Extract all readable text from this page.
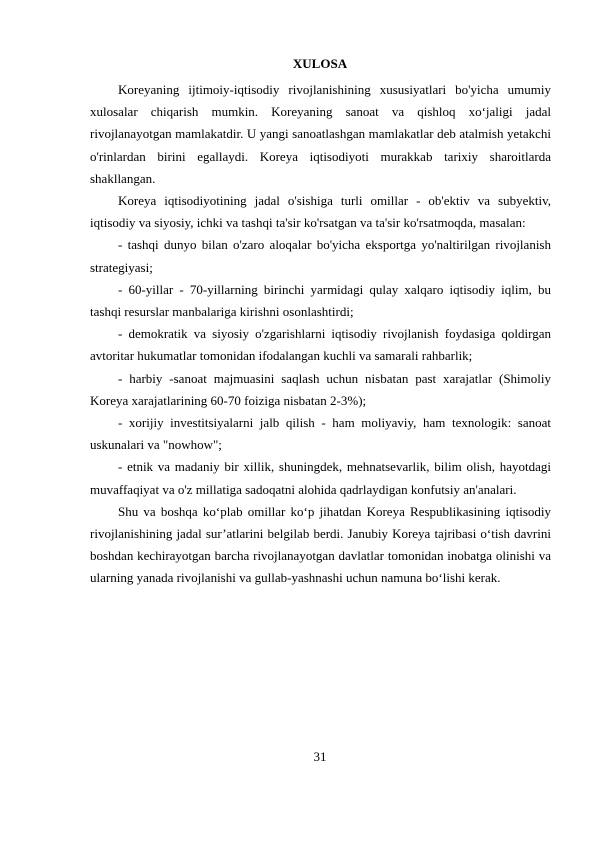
XULOSA

Koreyaning ijtimoiy-iqtisodiy rivojlanishining xususiyatlari bo'yicha umumiy xulosalar chiqarish mumkin. Koreyaning sanoat va qishloq xo‘jaligi jadal rivojlanayotgan mamlakatdir. U yangi sanoatlashgan mamlakatlar deb atalmish yetakchi o'rinlardan birini egallaydi. Koreya iqtisodiyoti murakkab tarixiy sharoitlarda shakllangan.

Koreya iqtisodiyotining jadal o'sishiga turli omillar - ob'ektiv va subyektiv, iqtisodiy va siyosiy, ichki va tashqi ta'sir ko'rsatgan va ta'sir ko'rsatmoqda, masalan:

- tashqi dunyo bilan o'zaro aloqalar bo'yicha eksportga yo'naltirilgan rivojlanish strategiyasi;

- 60-yillar - 70-yillarning birinchi yarmidagi qulay xalqaro iqtisodiy iqlim, bu tashqi resurslar manbalariga kirishni osonlashtirdi;

- demokratik va siyosiy o'zgarishlarni iqtisodiy rivojlanish foydasiga qoldirgan avtoritar hukumatlar tomonidan ifodalangan kuchli va samarali rahbarlik;

- harbiy -sanoat majmuasini saqlash uchun nisbatan past xarajatlar (Shimoliy Koreya xarajatlarining 60-70 foiziga nisbatan 2-3%);

- xorijiy investitsiyalarni jalb qilish - ham moliyaviy, ham texnologik: sanoat uskunalari va "nowhow";

- etnik va madaniy bir xillik, shuningdek, mehnatsevarlik, bilim olish, hayotdagi muvaffaqiyat va o'z millatiga sadoqatni alohida qadrlaydigan konfutsiy an'analari.

Shu va boshqa ko‘plab omillar ko‘p jihatdan Koreya Respublikasining iqtisodiy rivojlanishining jadal sur’atlarini belgilab berdi. Janubiy Koreya tajribasi o‘tish davrini boshdan kechirayotgan barcha rivojlanayotgan davlatlar tomonidan inobatga olinishi va ularning yanada rivojlanishi va gullab-yashnashi uchun namuna bo‘lishi kerak.

31
